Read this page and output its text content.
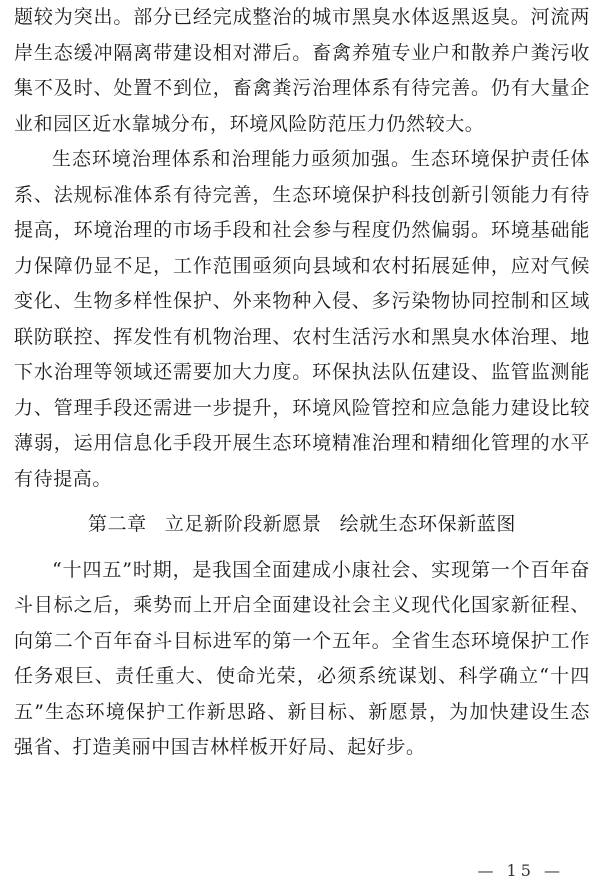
题较为突出。部分已经完成整治的城市黑臭水体返黑返臭。河流两岸生态缓冲隔离带建设相对滞后。畜禽养殖专业户和散养户粪污收集不及时、处置不到位，畜禽粪污治理体系有待完善。仍有大量企业和园区近水靠城分布，环境风险防范压力仍然较大。

生态环境治理体系和治理能力亟须加强。生态环境保护责任体系、法规标准体系有待完善，生态环境保护科技创新引领能力有待提高，环境治理的市场手段和社会参与程度仍然偏弱。环境基础能力保障仍显不足，工作范围亟须向县域和农村拓展延伸，应对气候变化、生物多样性保护、外来物种入侵、多污染物协同控制和区域联防联控、挥发性有机物治理、农村生活污水和黑臭水体治理、地下水治理等领域还需要加大力度。环保执法队伍建设、监管监测能力、管理手段还需进一步提升，环境风险管控和应急能力建设比较薄弱，运用信息化手段开展生态环境精准治理和精细化管理的水平有待提高。

第二章 立足新阶段新愿景 绘就生态环保新蓝图

“十四五”时期，是我国全面建成小康社会、实现第一个百年奋斗目标之后，乘势而上开启全面建设社会主义现代化国家新征程、向第二个百年奋斗目标进军的第一个五年。全省生态环境保护工作任务艰巨、责任重大、使命光荣，必须系统谋划、科学确立“十四五”生态环境保护工作新思路、新目标、新愿景，为加快建设生态强省、打造美丽中国吉林样板开好局、起好步。

— 15 —
